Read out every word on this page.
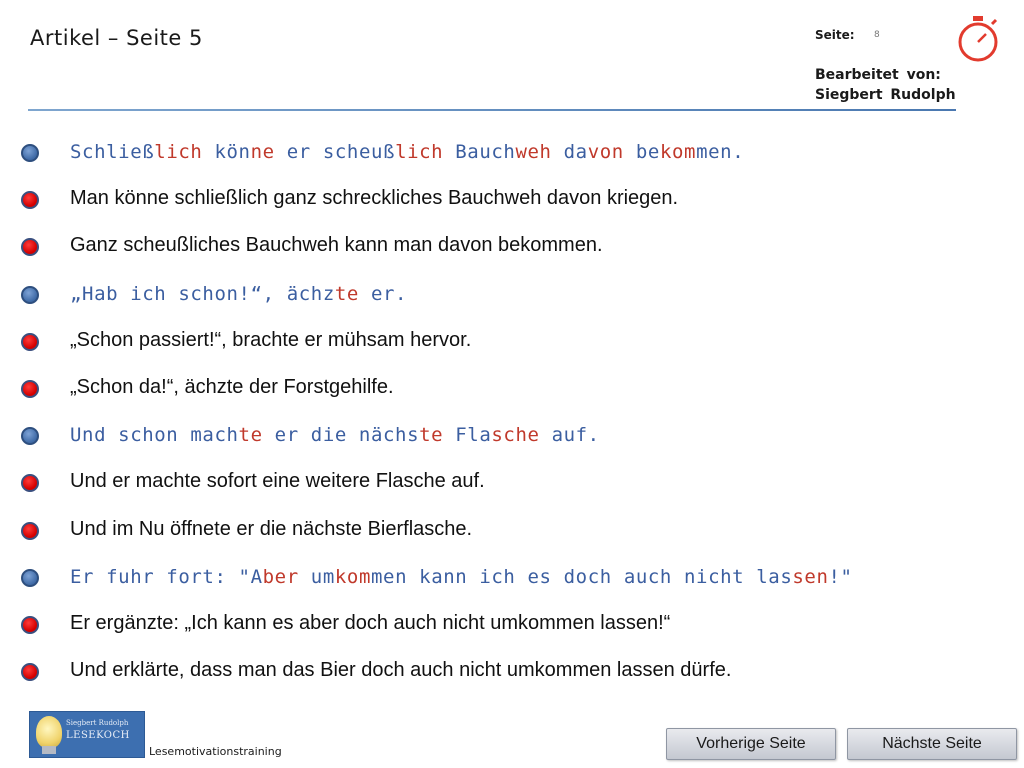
Artikel – Seite 5	Seite: 8
Bearbeitet von:
Siegbert Rudolph
Schließlich könne er scheußlich Bauchweh davon bekommen.
Man könne schließlich ganz schreckliches Bauchweh davon kriegen.
Ganz scheußliches Bauchweh kann man davon bekommen.
„Hab ich schon!“, ächzte er.
„Schon passiert!“, brachte er mühsam hervor.
„Schon da!“, ächzte der Forstgehilfe.
Und schon machte er die nächste Flasche auf.
Und er machte sofort eine weitere Flasche auf.
Und im Nu öffnete er die nächste Bierflasche.
Er fuhr fort: "Aber umkommen kann ich es doch auch nicht lassen!"
Er ergänzte: „Ich kann es aber doch auch nicht umkommen lassen!“
Und erklärte, dass man das Bier doch auch nicht umkommen lassen dürfe.
Siegbert Rudolph
LESEKOCH
Lesemotivationstraining	Vorherige Seite	Nächste Seite
